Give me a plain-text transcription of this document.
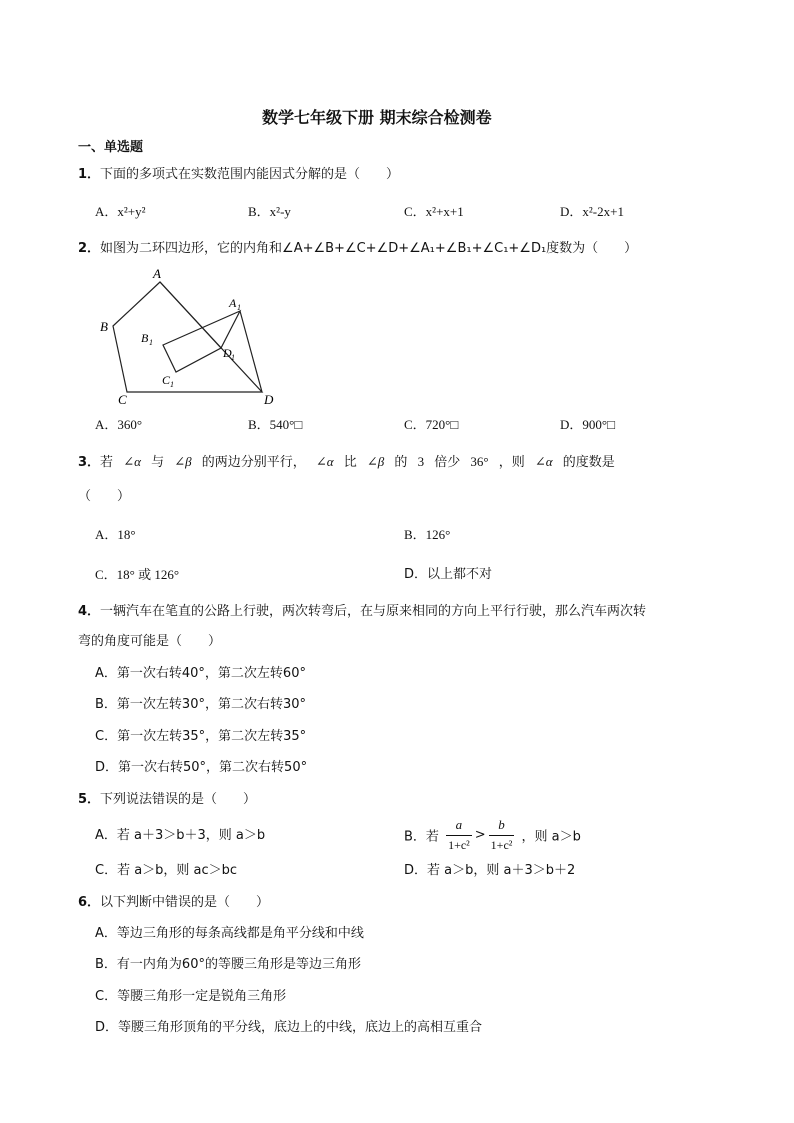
数学七年级下册 期末综合检测卷
一、单选题
1．下面的多项式在实数范围内能因式分解的是（　　）
A．x²+y²	B．x²-y	C．x²+x+1	D．x²-2x+1
2．如图为二环四边形，它的内角和∠A+∠B+∠C+∠D+∠A₁+∠B₁+∠C₁+∠D₁度数为（　　）
A
B
C	D
A 1
B 1
C 1
D 1
A．360°	B．540°□	C．720°□	D．900°□
3．若 ∠α 与 ∠β 的两边分别平行， ∠α 比 ∠β 的 3 倍少 36° ，则 ∠α 的度数是
（　　）
A．18°	B．126°
C．18° 或 126°	D．以上都不对
4．一辆汽车在笔直的公路上行驶，两次转弯后，在与原来相同的方向上平行行驶，那么汽车两次转
弯的角度可能是（　　）
A．第一次右转40°，第二次左转60°
B．第一次左转30°，第二次右转30°
C．第一次左转35°，第二次左转35°
D．第一次右转50°，第二次右转50°
5．下列说法错误的是（　　）
A．若 a＋3＞b＋3，则 a＞b	B．若 $\frac{a}{\text{1+c²}} > \frac{b}{\text{1+c²}}$ ，则 a＞b
C．若 a＞b，则 ac＞bc	D．若 a＞b，则 a＋3＞b＋2
6．以下判断中错误的是（　　）
A．等边三角形的每条高线都是角平分线和中线
B．有一内角为60°的等腰三角形是等边三角形
C．等腰三角形一定是锐角三角形
D．等腰三角形顶角的平分线，底边上的中线，底边上的高相互重合
